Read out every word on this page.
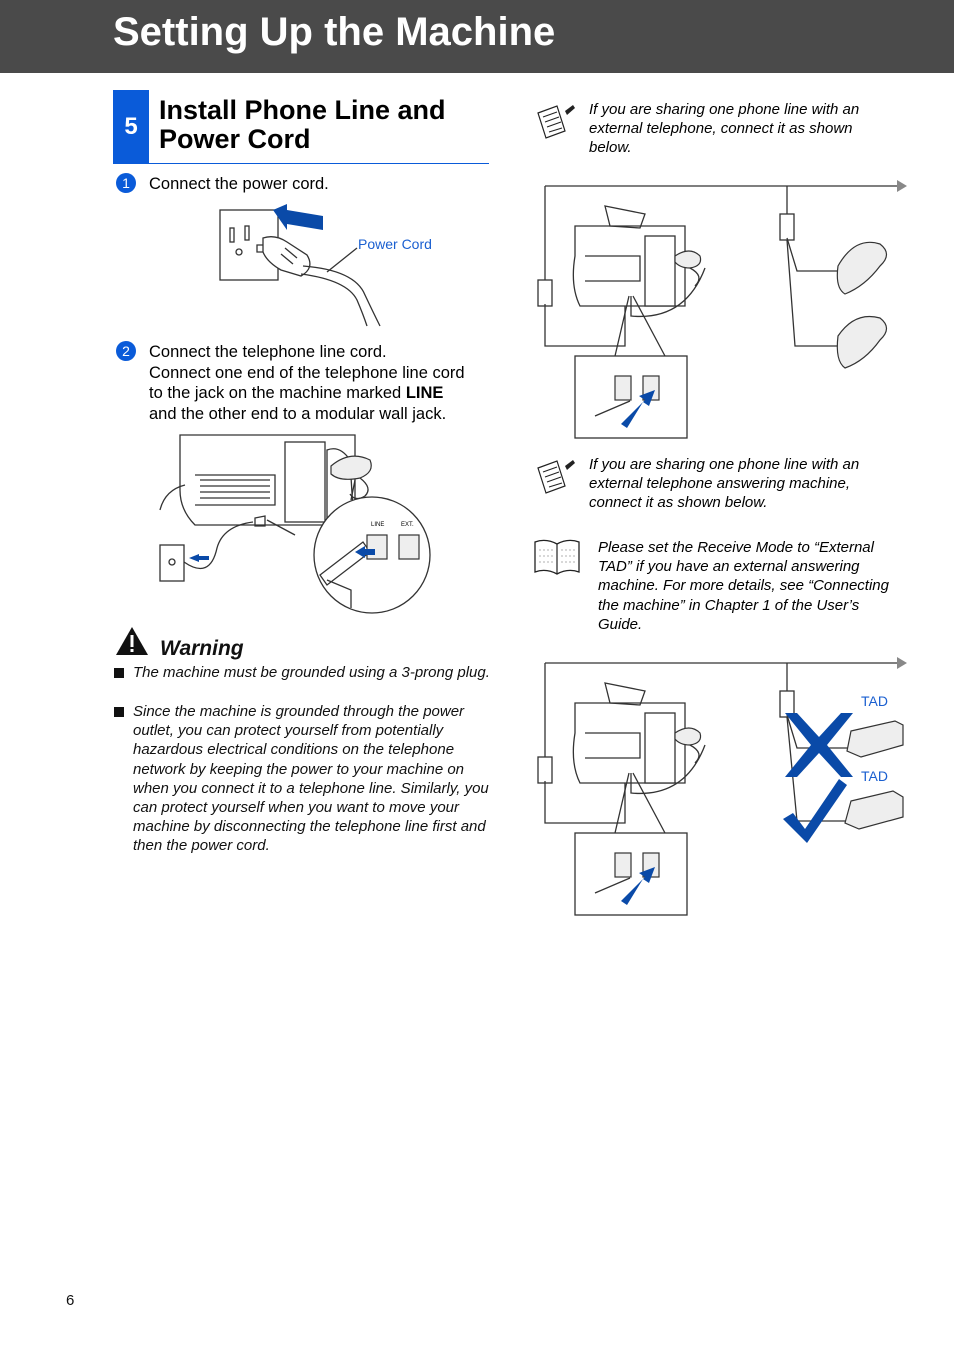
Setting Up the Machine
5
Install Phone Line and Power Cord
1	Connect the power cord.
Power Cord
2	Connect the telephone line cord.
Connect one end of the telephone line cord
to the jack on the machine marked LINE
and the other end to a modular wall jack.
LINE	EXT.
Warning
The machine must be grounded using a 3-prong plug.
Since the machine is grounded through the power outlet, you can protect yourself from potentially hazardous electrical conditions on the telephone network by keeping the power to your machine on when you connect it to a telephone line. Similarly, you can protect yourself when you want to move your machine by disconnecting the telephone line first and then the power cord.
If you are sharing one phone line with an external telephone, connect it as shown below.
If you are sharing one phone line with an external telephone answering machine, connect it as shown below.
Please set the Receive Mode to “External TAD” if you have an external answering machine. For more details, see “Connecting the machine” in Chapter 1 of the User’s Guide.
TAD
TAD
6
